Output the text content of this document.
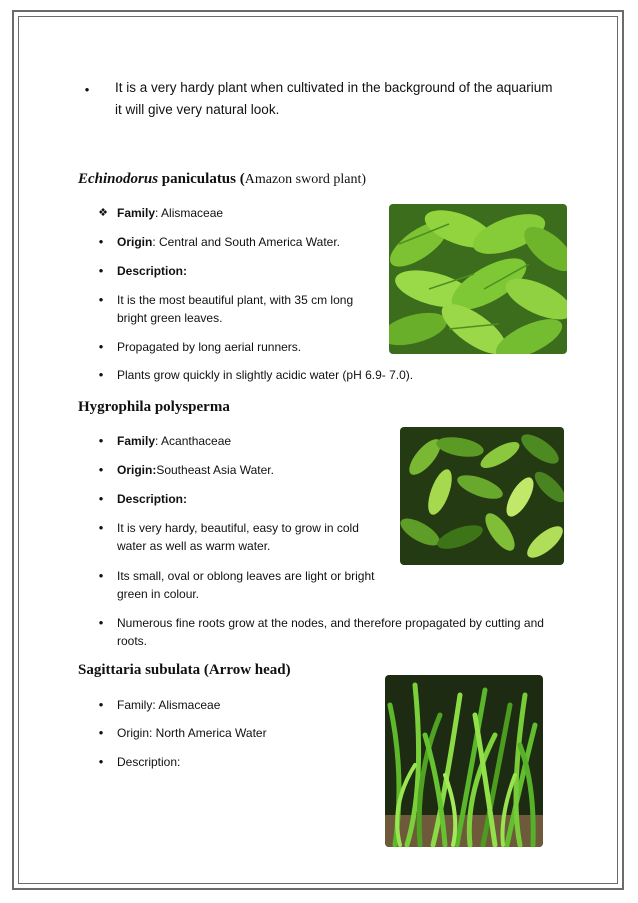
• It is a very hardy plant when cultivated in the background of the aquarium it will give very natural look.
Echinodorus paniculatus (Amazon sword plant)
❖ Family: Alismaceae
• Origin: Central and South America Water.
• Description:
• It is the most beautiful plant, with 35 cm long
bright green leaves.
• Propagated by long aerial runners.
• Plants grow quickly in slightly acidic water (pH 6.9- 7.0).
Hygrophila polysperma
• Family: Acanthaceae
• Origin:Southeast Asia Water.
• Description:
• It is very hardy, beautiful, easy to grow in cold
water as well as warm water.
• Its small, oval or oblong leaves are light or bright
green in colour.
• Numerous fine roots grow at the nodes, and therefore propagated by cutting and
roots.
Sagittaria subulata (Arrow head)
• Family: Alismaceae
• Origin: North America Water
• Description:
